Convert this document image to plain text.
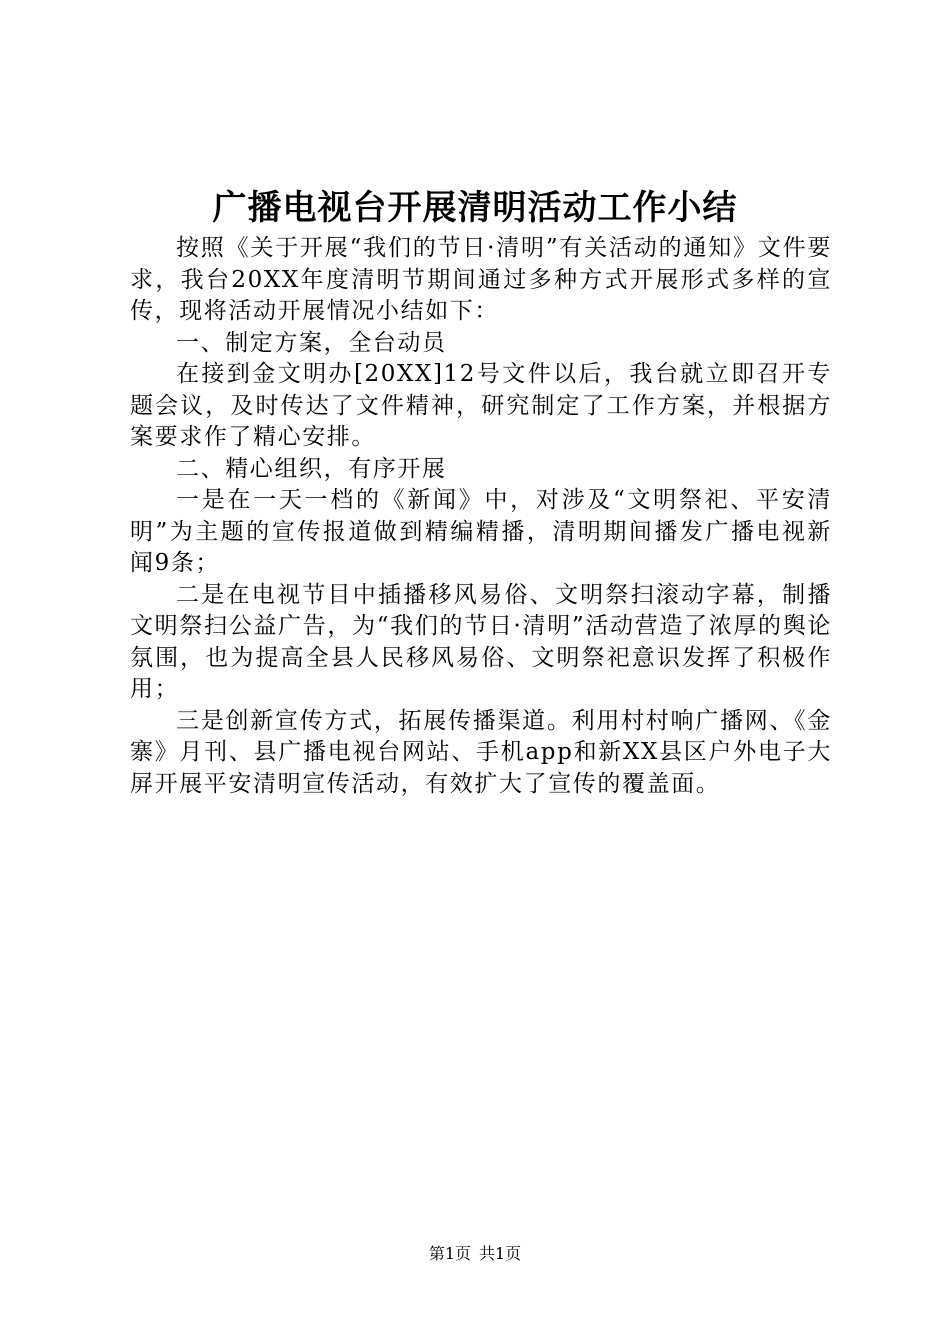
广播电视台开展清明活动工作小结

按照《关于开展“我们的节日·清明”有关活动的通知》文件要求，我台20XX年度清明节期间通过多种方式开展形式多样的宣传，现将活动开展情况小结如下：

一、制定方案，全台动员

在接到金文明办[20XX]12号文件以后，我台就立即召开专题会议，及时传达了文件精神，研究制定了工作方案，并根据方案要求作了精心安排。

二、精心组织，有序开展

一是在一天一档的《新闻》中，对涉及“文明祭祀、平安清明”为主题的宣传报道做到精编精播，清明期间播发广播电视新闻9条；

二是在电视节目中插播移风易俗、文明祭扫滚动字幕，制播文明祭扫公益广告，为“我们的节日·清明”活动营造了浓厚的舆论氛围，也为提高全县人民移风易俗、文明祭祀意识发挥了积极作用；

三是创新宣传方式，拓展传播渠道。利用村村响广播网、《金寨》月刊、县广播电视台网站、手机app和新XX县区户外电子大屏开展平安清明宣传活动，有效扩大了宣传的覆盖面。

第1页 共1页
